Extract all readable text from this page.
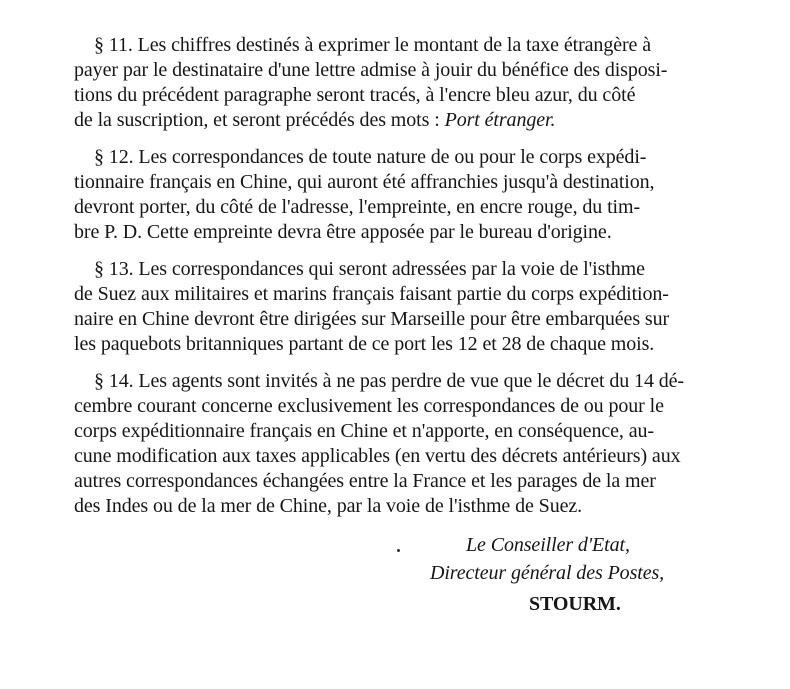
§ 11. Les chiffres destinés à exprimer le montant de la taxe étrangère à
payer par le destinataire d'une lettre admise à jouir du bénéfice des disposi-
tions du précédent paragraphe seront tracés, à l'encre bleu azur, du côté
de la suscription, et seront précédés des mots : Port étranger.
§ 12. Les correspondances de toute nature de ou pour le corps expédi-
tionnaire français en Chine, qui auront été affranchies jusqu'à destination,
devront porter, du côté de l'adresse, l'empreinte, en encre rouge, du tim-
bre P. D. Cette empreinte devra être apposée par le bureau d'origine.
§ 13. Les correspondances qui seront adressées par la voie de l'isthme
de Suez aux militaires et marins français faisant partie du corps expédition-
naire en Chine devront être dirigées sur Marseille pour être embarquées sur
les paquebots britanniques partant de ce port les 12 et 28 de chaque mois.
§ 14. Les agents sont invités à ne pas perdre de vue que le décret du 14 dé-
cembre courant concerne exclusivement les correspondances de ou pour le
corps expéditionnaire français en Chine et n'apporte, en conséquence, au-
cune modification aux taxes applicables (en vertu des décrets antérieurs) aux
autres correspondances échangées entre la France et les parages de la mer
des Indes ou de la mer de Chine, par la voie de l'isthme de Suez.
Le Conseiller d'Etat,
Directeur général des Postes,
STOURM.
